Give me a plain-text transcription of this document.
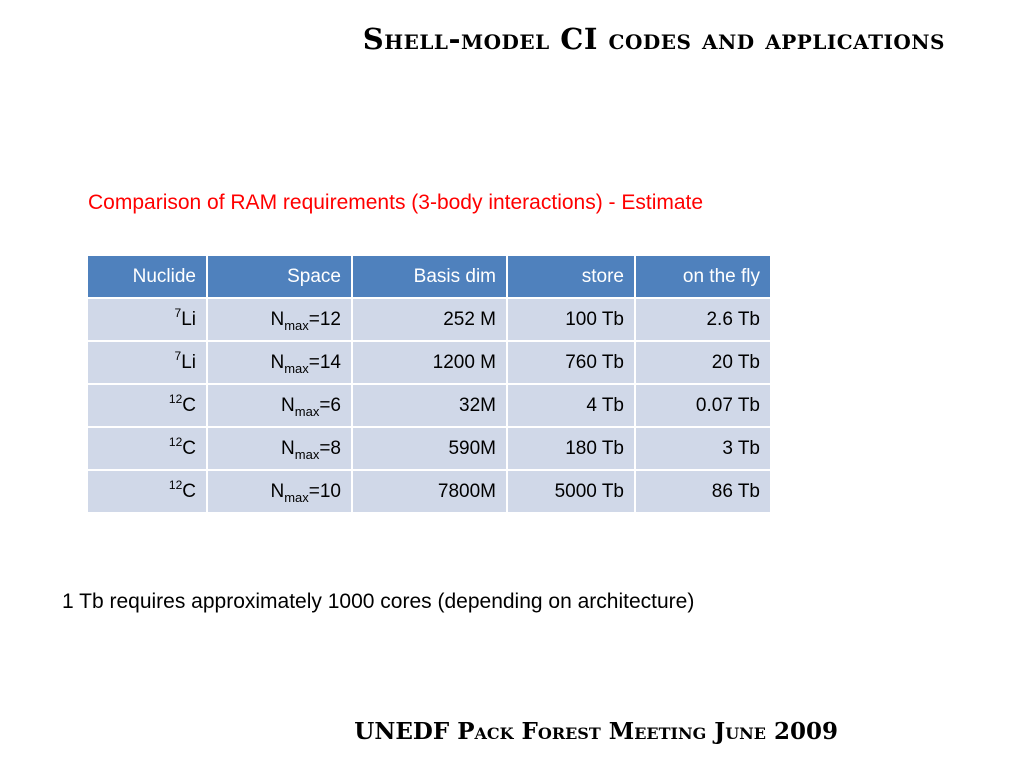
Shell-model CI codes and applications
Comparison of RAM requirements (3-body interactions) - Estimate
Nuclide	Space	Basis dim	store	on the fly
$^7$Li	$N_{max}=12$	252 M	100 Tb	2.6 Tb
$^7$Li	$N_{max}=14$	1200 M	760 Tb	20 Tb
$^{12}$C	$N_{max}=6$	32M	4 Tb	0.07 Tb
$^{12}$C	$N_{max}=8$	590M	180 Tb	3 Tb
$^{12}$C	$N_{max}=10$	7800M	5000 Tb	86 Tb
1 Tb requires approximately 1000 cores (depending on architecture)
UNEDF Pack Forest Meeting June 2009
